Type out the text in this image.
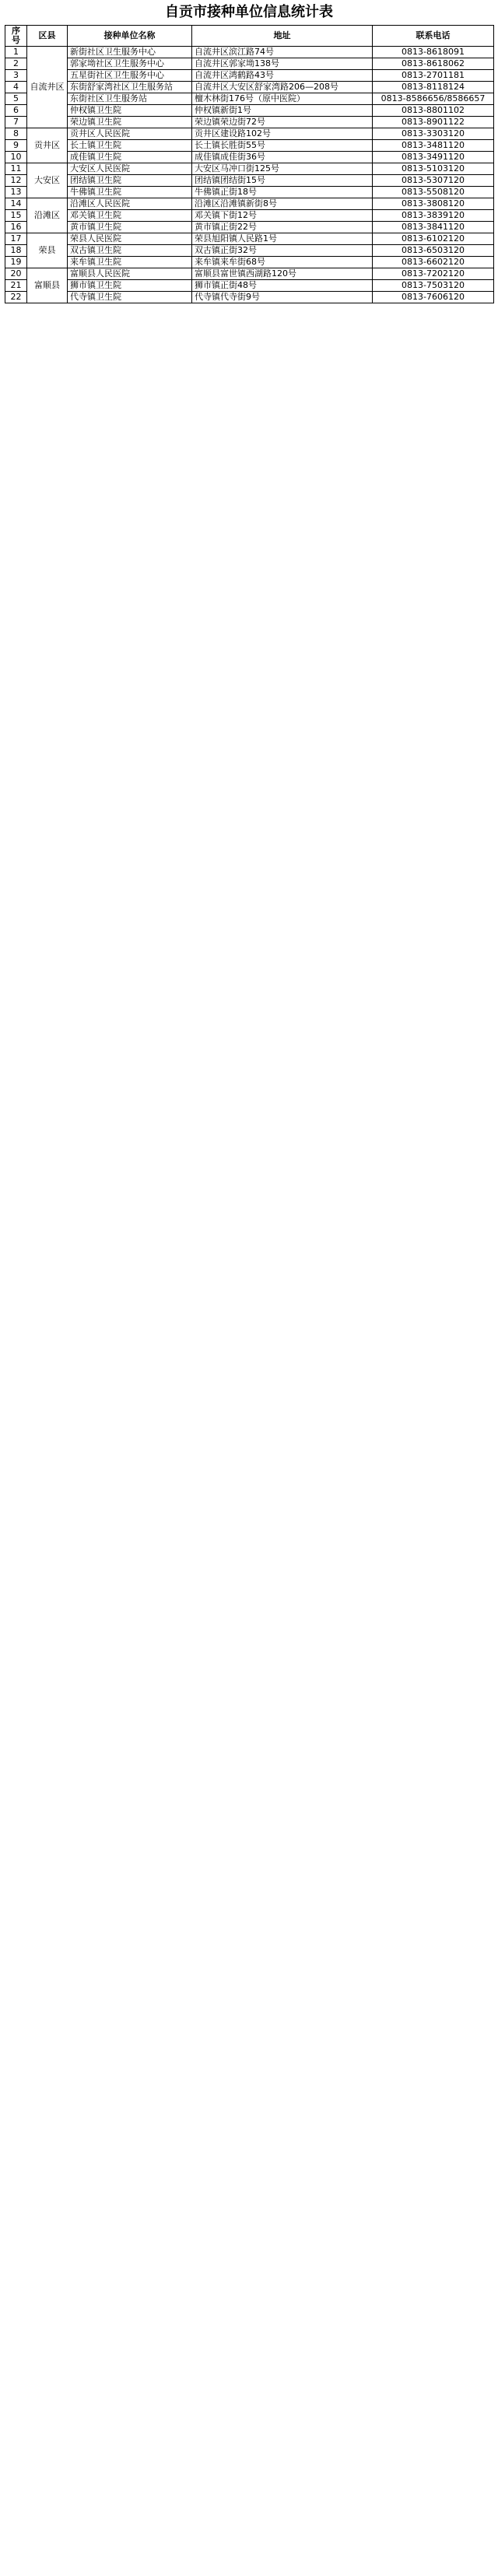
自贡市接种单位信息统计表
序号	区县	接种单位名称	地址	联系电话
1	自流井区	新街社区卫生服务中心	自流井区滨江路74号	0813-8618091
2		郭家坳社区卫生服务中心	自流井区郭家坳138号	0813-8618062
3		五星街社区卫生服务中心	自流井区鸿鹤路43号	0813-2701181
4		东街舒家湾社区卫生服务站	自流井区大安区舒家湾路206—208号	0813-8118124
5		东街社区卫生服务站	檀木林街176号（原中医院）	0813-8586656/8586657
6		仲权镇卫生院	仲权镇新街1号	0813-8801102
7		荣边镇卫生院	荣边镇荣边街72号	0813-8901122
8	贡井区	贡井区人民医院	贡井区建设路102号	0813-3303120
9		长土镇卫生院	长土镇长胜街55号	0813-3481120
10		成佳镇卫生院	成佳镇成佳街36号	0813-3491120
11	大安区	大安区人民医院	大安区马冲口街125号	0813-5103120
12		团结镇卫生院	团结镇团结街15号	0813-5307120
13		牛佛镇卫生院	牛佛镇正街18号	0813-5508120
14	沿滩区	沿滩区人民医院	沿滩区沿滩镇新街8号	0813-3808120
15		邓关镇卫生院	邓关镇下街12号	0813-3839120
16		黄市镇卫生院	黄市镇正街22号	0813-3841120
17	荣县	荣县人民医院	荣县旭阳镇人民路1号	0813-6102120
18		双古镇卫生院	双古镇正街32号	0813-6503120
19		来牟镇卫生院	来牟镇来牟街68号	0813-6602120
20	富顺县	富顺县人民医院	富顺县富世镇西湖路120号	0813-7202120
21		狮市镇卫生院	狮市镇正街48号	0813-7503120
22		代寺镇卫生院	代寺镇代寺街9号	0813-7606120
